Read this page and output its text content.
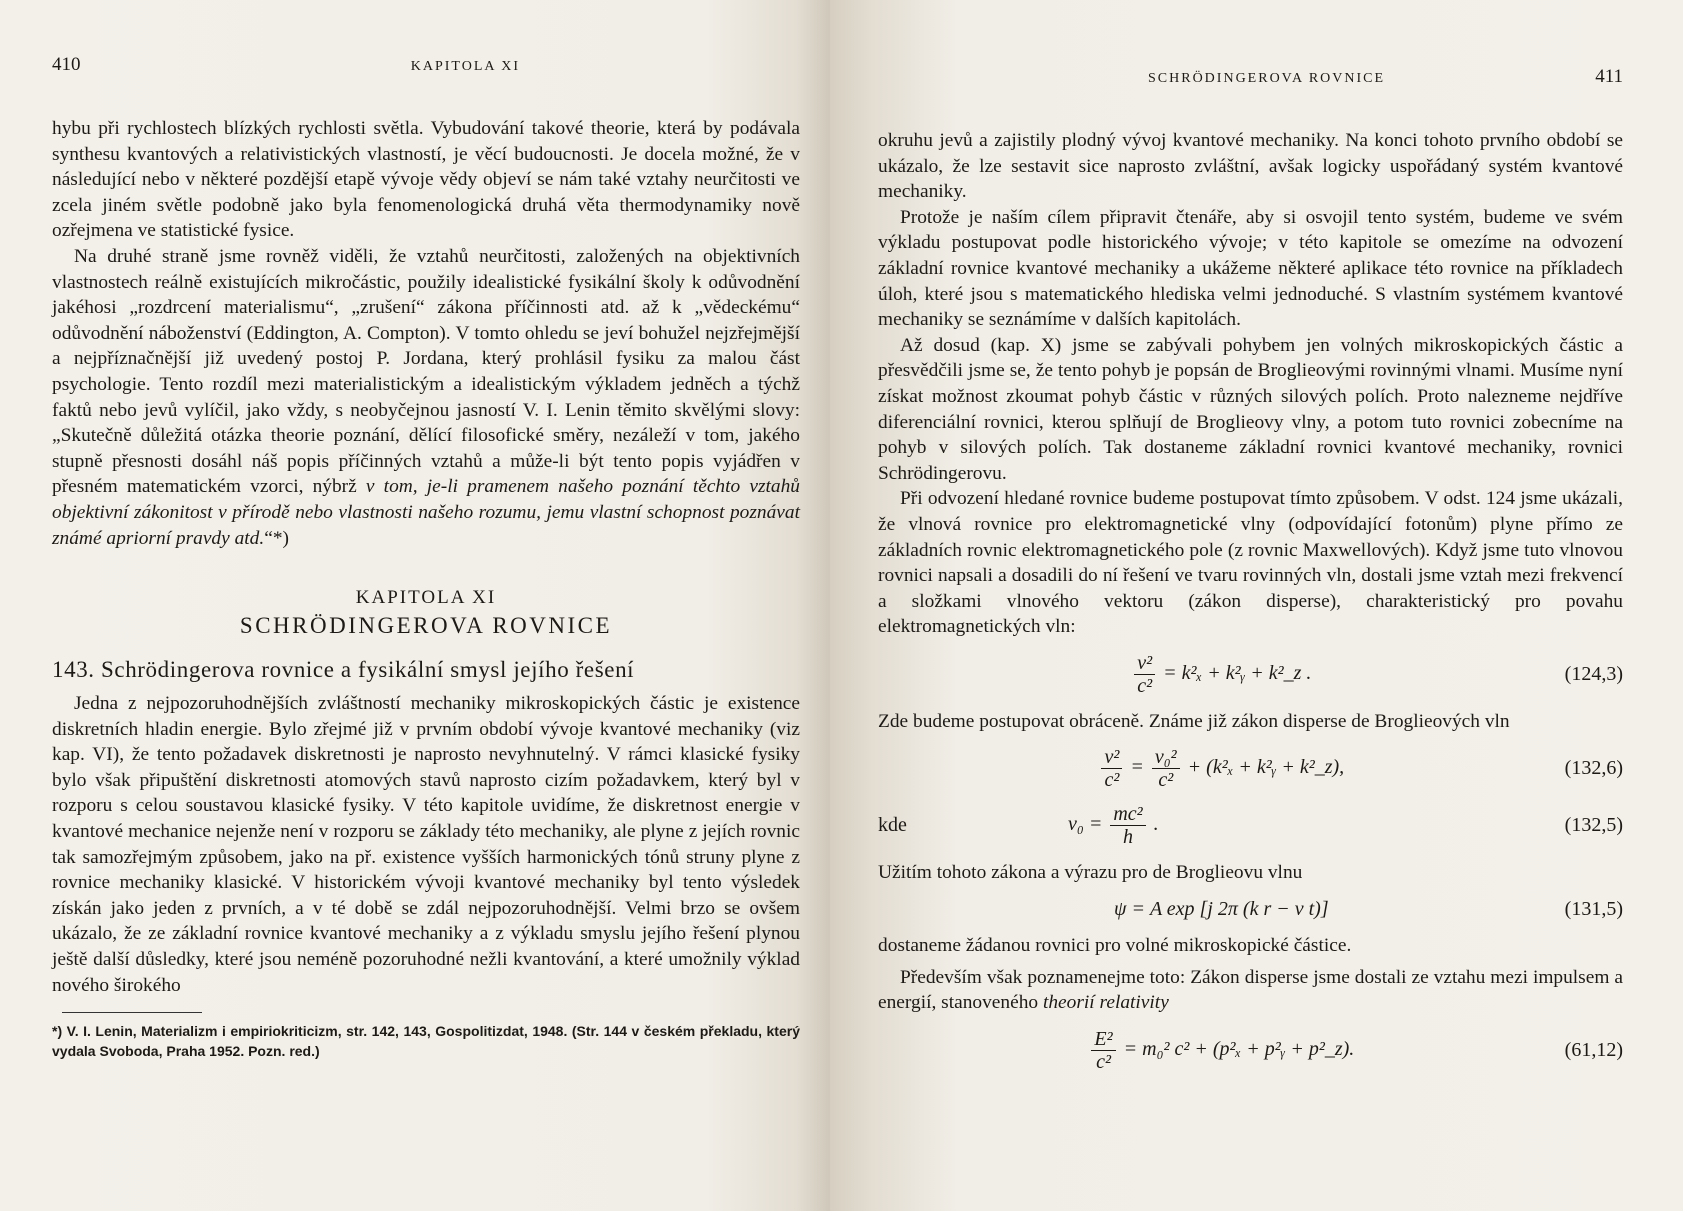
410	KAPITOLA XI

hybu při rychlostech blízkých rychlosti světla. Vybudování takové theorie, která by podávala synthesu kvantových a relativistických vlastností, je věcí budoucnosti. Je docela možné, že v následující nebo v některé pozdější etapě vývoje vědy objeví se nám také vztahy neurčitosti ve zcela jiném světle podobně jako byla fenomenologická druhá věta thermodynamiky nově ozřejmena ve statistické fysice.

Na druhé straně jsme rovněž viděli, že vztahů neurčitosti, založených na objektivních vlastnostech reálně existujících mikročástic, použily idealistické fysikální školy k odůvodnění jakéhosi „rozdrcení materialismu“, „zrušení“ zákona příčinnosti atd. až k „vědeckému“ odůvodnění náboženství (Eddington, A. Compton). V tomto ohledu se jeví bohužel nejzřejmější a nejpříznačnější již uvedený postoj P. Jordana, který prohlásil fysiku za malou část psychologie. Tento rozdíl mezi materialistickým a idealistickým výkladem jedněch a týchž faktů nebo jevů vylíčil, jako vždy, s neobyčejnou jasností V. I. Lenin těmito skvělými slovy: „Skutečně důležitá otázka theorie poznání, dělící filosofické směry, nezáleží v tom, jakého stupně přesnosti dosáhl náš popis příčinných vztahů a může-li být tento popis vyjádřen v přesném matematickém vzorci, nýbrž v tom, je-li pramenem našeho poznání těchto vztahů objektivní zákonitost v přírodě nebo vlastnosti našeho rozumu, jemu vlastní schopnost poznávat známé apriorní pravdy atd.“*)

KAPITOLA XI
SCHRÖDINGEROVA ROVNICE
143. Schrödingerova rovnice a fysikální smysl jejího řešení

Jedna z nejpozoruhodnějších zvláštností mechaniky mikroskopických částic je existence diskretních hladin energie. Bylo zřejmé již v prvním období vývoje kvantové mechaniky (viz kap. VI), že tento požadavek diskretnosti je naprosto nevyhnutelný. V rámci klasické fysiky bylo však připuštění diskretnosti atomových stavů naprosto cizím požadavkem, který byl v rozporu s celou soustavou klasické fysiky. V této kapitole uvidíme, že diskretnost energie v kvantové mechanice nejenže není v rozporu se základy této mechaniky, ale plyne z jejích rovnic tak samozřejmým způsobem, jako na př. existence vyšších harmonických tónů struny plyne z rovnice mechaniky klasické. V historickém vývoji kvantové mechaniky byl tento výsledek získán jako jeden z prvních, a v té době se zdál nejpozoruhodnější. Velmi brzo se ovšem ukázalo, že ze základní rovnice kvantové mechaniky a z výkladu smyslu jejího řešení plynou ještě další důsledky, které jsou neméně pozoruhodné nežli kvantování, a které umožnily výklad nového širokého

*) V. I. Lenin, Materializm i empiriokriticizm, str. 142, 143, Gospolitizdat, 1948. (Str. 144 v českém překladu, který vydala Svoboda, Praha 1952. Pozn. red.)
SCHRÖDINGEROVA ROVNICE	411

okruhu jevů a zajistily plodný vývoj kvantové mechaniky. Na konci tohoto prvního období se ukázalo, že lze sestavit sice naprosto zvláštní, avšak logicky uspořádaný systém kvantové mechaniky.

Protože je naším cílem připravit čtenáře, aby si osvojil tento systém, budeme ve svém výkladu postupovat podle historického vývoje; v této kapitole se omezíme na odvození základní rovnice kvantové mechaniky a ukážeme některé aplikace této rovnice na příkladech úloh, které jsou s matematického hlediska velmi jednoduché. S vlastním systémem kvantové mechaniky se seznámíme v dalších kapitolách.

Až dosud (kap. X) jsme se zabývali pohybem jen volných mikroskopických částic a přesvědčili jsme se, že tento pohyb je popsán de Broglieovými rovinnými vlnami. Musíme nyní získat možnost zkoumat pohyb částic v různých silových polích. Proto nalezneme nejdříve diferenciální rovnici, kterou splňují de Broglieovy vlny, a potom tuto rovnici zobecníme na pohyb v silových polích. Tak dostaneme základní rovnici kvantové mechaniky, rovnici Schrödingerovu.

Při odvození hledané rovnice budeme postupovat tímto způsobem. V odst. 124 jsme ukázali, že vlnová rovnice pro elektromagnetické vlny (odpovídající fotonům) plyne přímo ze základních rovnic elektromagnetického pole (z rovnic Maxwellových). Když jsme tuto vlnovou rovnici napsali a dosadili do ní řešení ve tvaru rovinných vln, dostali jsme vztah mezi frekvencí a složkami vlnového vektoru (zákon disperse), charakteristický pro povahu elektromagnetických vln:

$\frac{\text{ν²}}{\text{c²}} = k^2_x$ + k²ᵧ + k²_z .	(124,3)

Zde budeme postupovat obráceně. Známe již zákon disperse de Broglieových vln

$\frac{\text{ν²}}{\text{c²}} = \frac{\text{ν₀²}}{\text{c²}} + (k^2_x$ + k²ᵧ + k²_z),	(132,6)
kde	$\nu_0 = \frac{\text{mc²}}{h}$ .	(132,5)

Užitím tohoto zákona a výrazu pro de Broglieovu vlnu

ψ = A exp [j 2π (k r − ν t)]	(131,5)

dostaneme žádanou rovnici pro volné mikroskopické částice.

Především však poznamenejme toto: Zákon disperse jsme dostali ze vztahu mezi impulsem a energií, stanoveného theorií relativity

$\frac{\text{E²}}{\text{c²}} = m_0^2$ c² + (p²ₓ + p²ᵧ + p²_z).	(61,12)
